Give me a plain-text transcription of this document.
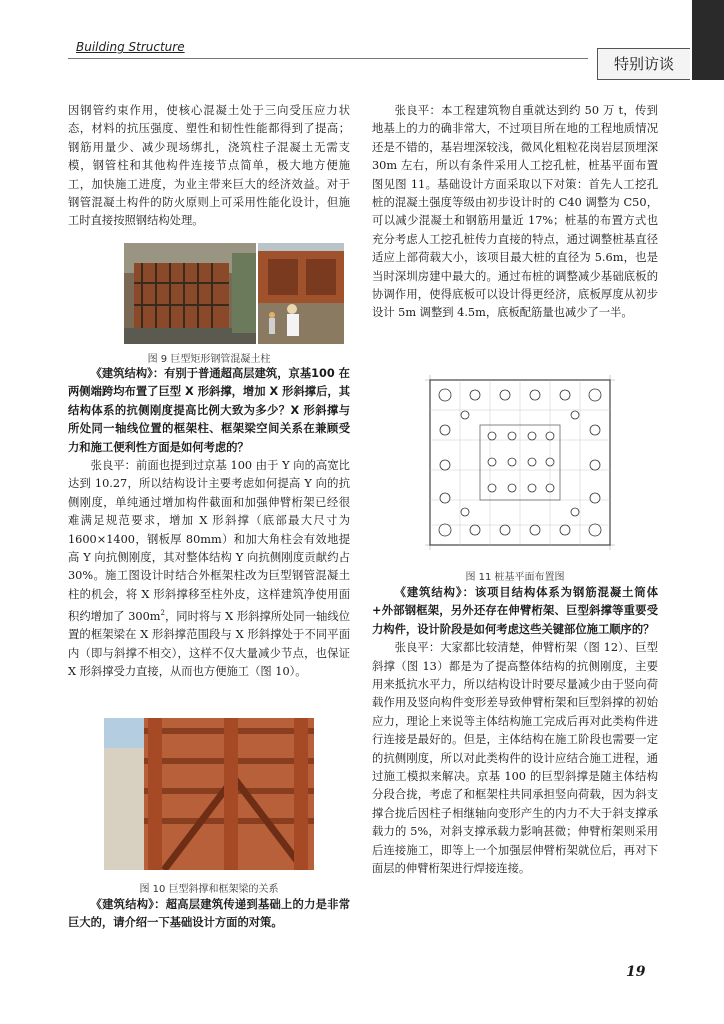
Building Structure
特别访谈

因钢管约束作用，使核心混凝土处于三向受压应力状态，材料的抗压强度、塑性和韧性性能都得到了提高；钢筋用量少、减少现场绑扎，浇筑柱子混凝土无需支模，钢管柱和其他构件连接节点简单，极大地方便施工，加快施工进度，为业主带来巨大的经济效益。对于钢管混凝土构件的防火原则上可采用性能化设计，但施工时直接按照钢结构处理。

图 9 巨型矩形钢管混凝土柱

《建筑结构》：有别于普通超高层建筑，京基100 在两侧端跨均布置了巨型 X 形斜撑，增加 X 形斜撑后，其结构体系的抗侧刚度提高比例大致为多少？X 形斜撑与所处同一轴线位置的框架柱、框架梁空间关系在兼顾受力和施工便利性方面是如何考虑的？

张良平：前面也提到过京基 100 由于 Y 向的高宽比达到 10.27，所以结构设计主要考虑如何提高 Y 向的抗侧刚度，单纯通过增加构件截面和加强伸臂桁架已经很难满足规范要求，增加 X 形斜撑（底部最大尺寸为 1600×1400，钢板厚 80mm）和加大角柱会有效地提高 Y 向抗侧刚度，其对整体结构 Y 向抗侧刚度贡献约占 30%。施工图设计时结合外框架柱改为巨型钢管混凝土柱的机会，将 X 形斜撑移至柱外皮，这样建筑净使用面积约增加了 $300m^2$，同时将与 X 形斜撑所处同一轴线位置的框架梁在 X 形斜撑范围段与 X 形斜撑处于不同平面内（即与斜撑不相交），这样不仅大量减少节点，也保证 X 形斜撑受力直接，从而也方便施工（图 10）。

图 10 巨型斜撑和框架梁的关系

《建筑结构》：超高层建筑传递到基础上的力是非常巨大的，请介绍一下基础设计方面的对策。

张良平：本工程建筑物自重就达到约 50 万 t，传到地基上的力的确非常大，不过项目所在地的工程地质情况还是不错的，基岩埋深较浅，微风化粗粒花岗岩层顶埋深 30m 左右，所以有条件采用人工挖孔桩，桩基平面布置图见图 11。基础设计方面采取以下对策：首先人工挖孔桩的混凝土强度等级由初步设计时的 C40 调整为 C50，可以减少混凝土和钢筋用量近 17%；桩基的布置方式也充分考虑人工挖孔桩传力直接的特点，通过调整桩基直径适应上部荷载大小，该项目最大桩的直径为 5.6m，也是当时深圳房建中最大的。通过布桩的调整减少基础底板的协调作用，使得底板可以设计得更经济，底板厚度从初步设计 5m 调整到 4.5m，底板配筋量也减少了一半。

图 11 桩基平面布置图

《建筑结构》：该项目结构体系为钢筋混凝土筒体+外部钢框架，另外还存在伸臂桁架、巨型斜撑等重要受力构件，设计阶段是如何考虑这些关键部位施工顺序的？

张良平：大家都比较清楚，伸臂桁架（图 12）、巨型斜撑（图 13）都是为了提高整体结构的抗侧刚度，主要用来抵抗水平力，所以结构设计时要尽量减少由于竖向荷载作用及竖向构件变形差导致伸臂桁架和巨型斜撑的初始应力，理论上来说等主体结构施工完成后再对此类构件进行连接是最好的。但是，主体结构在施工阶段也需要一定的抗侧刚度，所以对此类构件的设计应结合施工进程，通过施工模拟来解决。京基 100 的巨型斜撑是随主体结构分段合拢，考虑了和框架柱共同承担竖向荷载，因为斜支撑合拢后因柱子相继轴向变形产生的内力不大于斜支撑承载力的 5%，对斜支撑承载力影响甚微；伸臂桁架则采用后连接施工，即等上一个加强层伸臂桁架就位后，再对下面层的伸臂桁架进行焊接连接。

19
